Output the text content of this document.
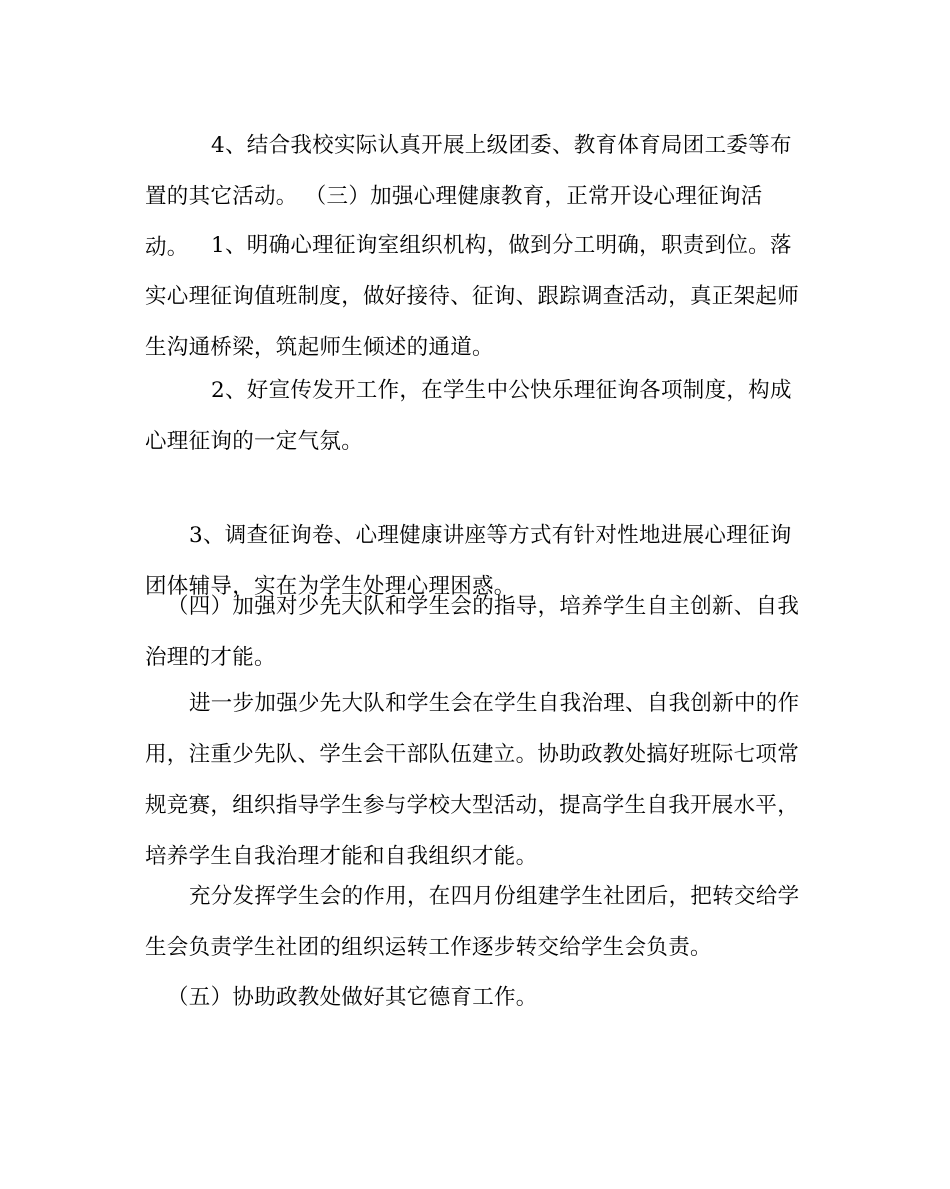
4、结合我校实际认真开展上级团委、教育体育局团工委等布置的其它活动。 （三）加强心理健康教育，正常开设心理征询活动。	1、明确心理征询室组织机构，做到分工明确，职责到位。落实心理征询值班制度，做好接待、征询、跟踪调查活动，真正架起师生沟通桥梁，筑起师生倾述的通道。

2、好宣传发开工作，在学生中公快乐理征询各项制度，构成心理征询的一定气氛。

3、调查征询卷、心理健康讲座等方式有针对性地进展心理征询团体辅导，实在为学生处理心理困惑。

（四）加强对少先大队和学生会的指导，培养学生自主创新、自我治理的才能。

进一步加强少先大队和学生会在学生自我治理、自我创新中的作用，注重少先队、学生会干部队伍建立。协助政教处搞好班际七项常规竞赛，组织指导学生参与学校大型活动，提高学生自我开展水平，培养学生自我治理才能和自我组织才能。

充分发挥学生会的作用，在四月份组建学生社团后，把转交给学生会负责学生社团的组织运转工作逐步转交给学生会负责。

（五）协助政教处做好其它德育工作。
